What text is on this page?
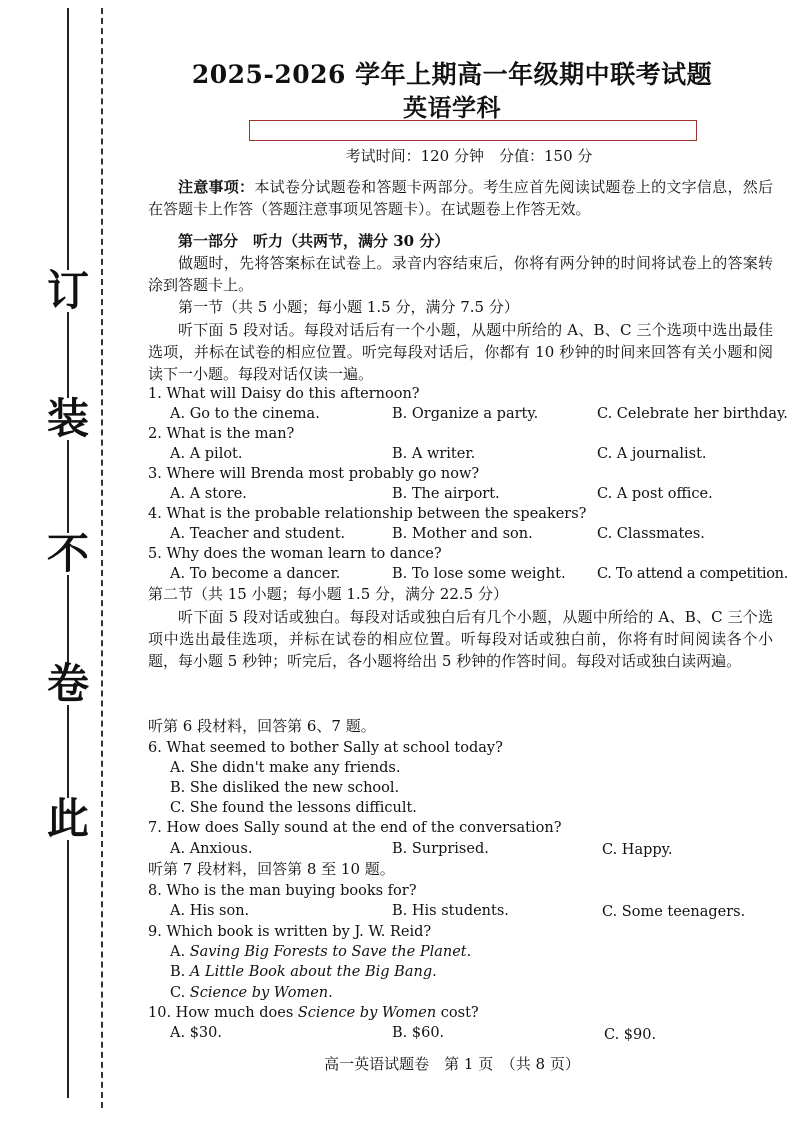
订
装
不
卷
此
2025-2026 学年上期高一年级期中联考试题
英语学科
考试时间：120 分钟　分值：150 分
注意事项：本试卷分试题卷和答题卡两部分。考生应首先阅读试题卷上的文字信息，然后在答题卡上作答（答题注意事项见答题卡）。在试题卷上作答无效。
第一部分　听力（共两节，满分 30 分）
做题时，先将答案标在试卷上。录音内容结束后，你将有两分钟的时间将试卷上的答案转涂到答题卡上。
第一节（共 5 小题；每小题 1.5 分，满分 7.5 分）
听下面 5 段对话。每段对话后有一个小题，从题中所给的 A、B、C 三个选项中选出最佳选项，并标在试卷的相应位置。听完每段对话后，你都有 10 秒钟的时间来回答有关小题和阅读下一小题。每段对话仅读一遍。
1. What will Daisy do this afternoon?
A. Go to the cinema.	B. Organize a party.	C. Celebrate her birthday.
2. What is the man?
A. A pilot.	B. A writer.	C. A journalist.
3. Where will Brenda most probably go now?
A. A store.	B. The airport.	C. A post office.
4. What is the probable relationship between the speakers?
A. Teacher and student.	B. Mother and son.	C. Classmates.
5. Why does the woman learn to dance?
A. To become a dancer.	B. To lose some weight. C. To attend a competition.
第二节（共 15 小题；每小题 1.5 分，满分 22.5 分）
听下面 5 段对话或独白。每段对话或独白后有几个小题，从题中所给的 A、B、C 三个选项中选出最佳选项，并标在试卷的相应位置。听每段对话或独白前，你将有时间阅读各个小题，每小题 5 秒钟；听完后，各小题将给出 5 秒钟的作答时间。每段对话或独白读两遍。
听第 6 段材料，回答第 6、7 题。
6. What seemed to bother Sally at school today?
A. She didn't make any friends.
B. She disliked the new school.
C. She found the lessons difficult.
7. How does Sally sound at the end of the conversation?
A. Anxious.	B. Surprised.	C. Happy.
听第 7 段材料，回答第 8 至 10 题。
8. Who is the man buying books for?
A. His son.	B. His students.	C. Some teenagers.
9. Which book is written by J. W. Reid?
A. Saving Big Forests to Save the Planet.
B. A Little Book about the Big Bang.
C. Science by Women.
10. How much does Science by Women cost?
A. $30.	B. $60.	C. $90.
高一英语试题卷　第 1 页　（共 8 页）
